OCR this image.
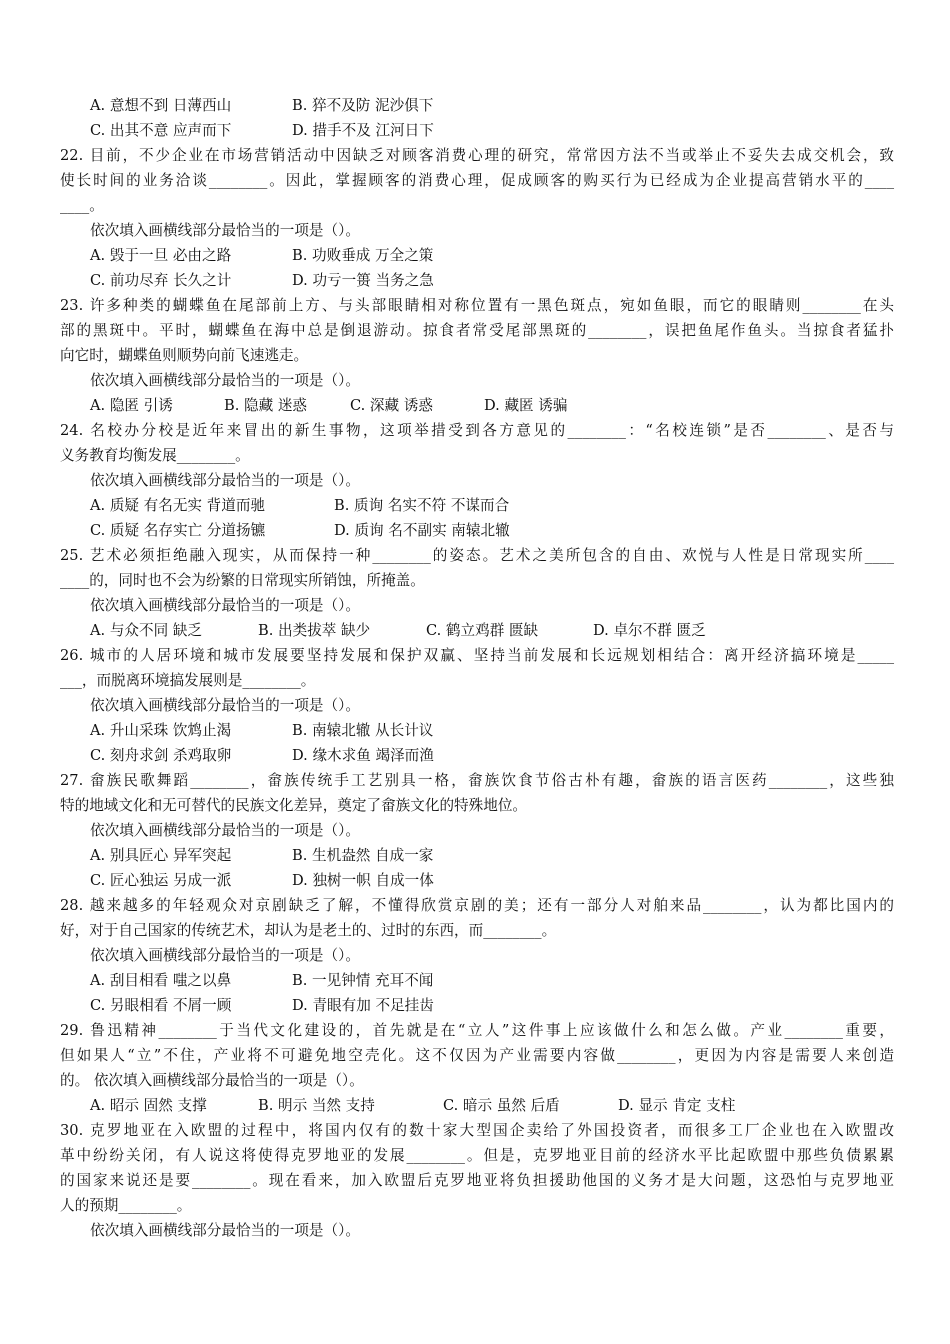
A. 意想不到 日薄西山	B. 猝不及防 泥沙俱下
C. 出其不意 应声而下	D. 措手不及 江河日下
22. 目前，不少企业在市场营销活动中因缺乏对顾客消费心理的研究，常常因方法不当或举止不妥失去成交机会，致
使长时间的业务洽谈________。因此，掌握顾客的消费心理，促成顾客的购买行为已经成为企业提高营销水平的____
____。
依次填入画横线部分最恰当的一项是（）。
A. 毁于一旦 必由之路	B. 功败垂成 万全之策
C. 前功尽弃 长久之计	D. 功亏一篑 当务之急
23. 许多种类的蝴蝶鱼在尾部前上方、与头部眼睛相对称位置有一黑色斑点，宛如鱼眼，而它的眼睛则________在头
部的黑斑中。平时，蝴蝶鱼在海中总是倒退游动。掠食者常受尾部黑斑的________，误把鱼尾作鱼头。当掠食者猛扑
向它时，蝴蝶鱼则顺势向前飞速逃走。
依次填入画横线部分最恰当的一项是（）。
A. 隐匿 引诱	B. 隐藏 迷惑	C. 深藏 诱惑	D. 藏匿 诱骗
24. 名校办分校是近年来冒出的新生事物，这项举措受到各方意见的________：“名校连锁”是否________、是否与
义务教育均衡发展________。
依次填入画横线部分最恰当的一项是（）。
A. 质疑 有名无实 背道而驰	B. 质询 名实不符 不谋而合
C. 质疑 名存实亡 分道扬镳	D. 质询 名不副实 南辕北辙
25. 艺术必须拒绝融入现实，从而保持一种________的姿态。艺术之美所包含的自由、欢悦与人性是日常现实所____
____的，同时也不会为纷繁的日常现实所销蚀，所掩盖。
依次填入画横线部分最恰当的一项是（）。
A. 与众不同 缺乏	B. 出类拔萃 缺少	C. 鹤立鸡群 匮缺	D. 卓尔不群 匮乏
26. 城市的人居环境和城市发展要坚持发展和保护双赢、坚持当前发展和长远规划相结合：离开经济搞环境是_____
___，而脱离环境搞发展则是________。
依次填入画横线部分最恰当的一项是（）。
A. 升山采珠 饮鸩止渴	B. 南辕北辙 从长计议
C. 刻舟求剑 杀鸡取卵	D. 缘木求鱼 竭泽而渔
27. 畲族民歌舞蹈________，畲族传统手工艺别具一格，畲族饮食节俗古朴有趣，畲族的语言医药________，这些独
特的地域文化和无可替代的民族文化差异，奠定了畲族文化的特殊地位。
依次填入画横线部分最恰当的一项是（）。
A. 别具匠心 异军突起	B. 生机盎然 自成一家
C. 匠心独运 另成一派	D. 独树一帜 自成一体
28. 越来越多的年轻观众对京剧缺乏了解，不懂得欣赏京剧的美；还有一部分人对舶来品________，认为都比国内的
好，对于自己国家的传统艺术，却认为是老土的、过时的东西，而________。
依次填入画横线部分最恰当的一项是（）。
A. 刮目相看 嗤之以鼻	B. 一见钟情 充耳不闻
C. 另眼相看 不屑一顾	D. 青眼有加 不足挂齿
29. 鲁迅精神________于当代文化建设的，首先就是在“立人”这件事上应该做什么和怎么做。产业________重要，
但如果人“立”不住，产业将不可避免地空壳化。这不仅因为产业需要内容做________，更因为内容是需要人来创造
的。 依次填入画横线部分最恰当的一项是（）。
A. 昭示 固然 支撑	B. 明示 当然 支持	C. 暗示 虽然 后盾	D. 显示 肯定 支柱
30. 克罗地亚在入欧盟的过程中，将国内仅有的数十家大型国企卖给了外国投资者，而很多工厂企业也在入欧盟改
革中纷纷关闭，有人说这将使得克罗地亚的发展________。但是，克罗地亚目前的经济水平比起欧盟中那些负债累累
的国家来说还是要________。现在看来，加入欧盟后克罗地亚将负担援助他国的义务才是大问题，这恐怕与克罗地亚
人的预期________。
依次填入画横线部分最恰当的一项是（）。
